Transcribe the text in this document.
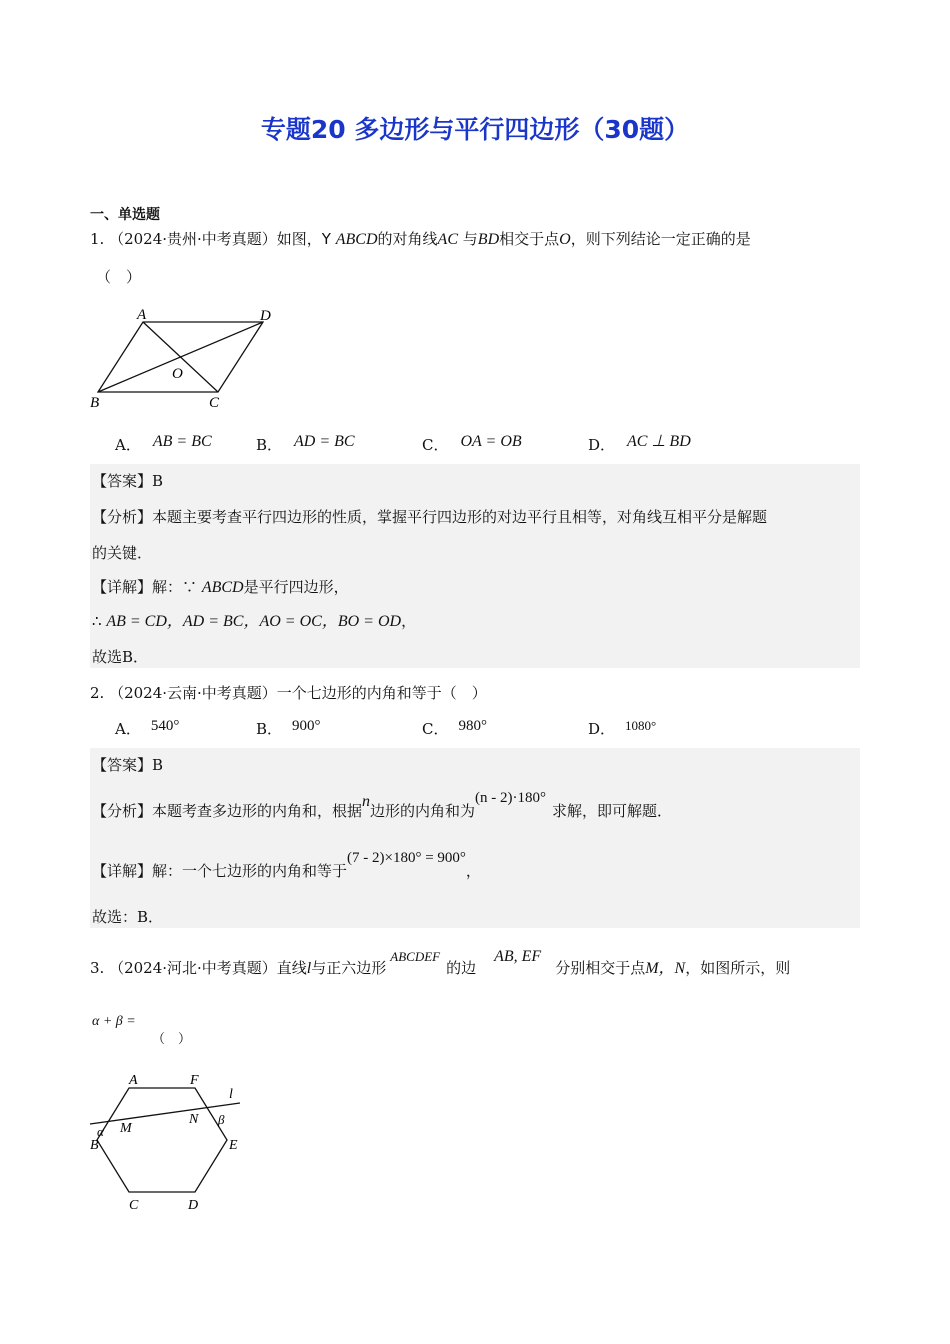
专题20 多边形与平行四边形（30题）
一、单选题
1. （2024·贵州·中考真题）如图，Y ABCD的对角线AC 与BD相交于点O，则下列结论一定正确的是
（　）
A	D
O
B	C
A． AB = BC	B． AD = BC	C． OA = OB	D． AC ⊥ BD
【答案】B
【分析】本题主要考查平行四边形的性质，掌握平行四边形的对边平行且相等，对角线互相平分是解题
的关键．
【详解】解：∵ ABCD是平行四边形，
∴ AB = CD，AD = BC，AO = OC，BO = OD，
故选B．
2. （2024·云南·中考真题）一个七边形的内角和等于（　）
A． 540°	B． 900°	C． 980°	D． 1080°
【答案】B
【分析】本题考查多边形的内角和，根据n边形的内角和为(n - 2)·180°求解，即可解题．
【详解】解：一个七边形的内角和等于(7 - 2)×180° = 900°，
故选：B．
3. （2024·河北·中考真题）直线l与正六边形ABCDEF的边AB, EF分别相交于点M，N，如图所示，则
α + β =
（　）
A	F
l
α M
N β
B	E
C	D
